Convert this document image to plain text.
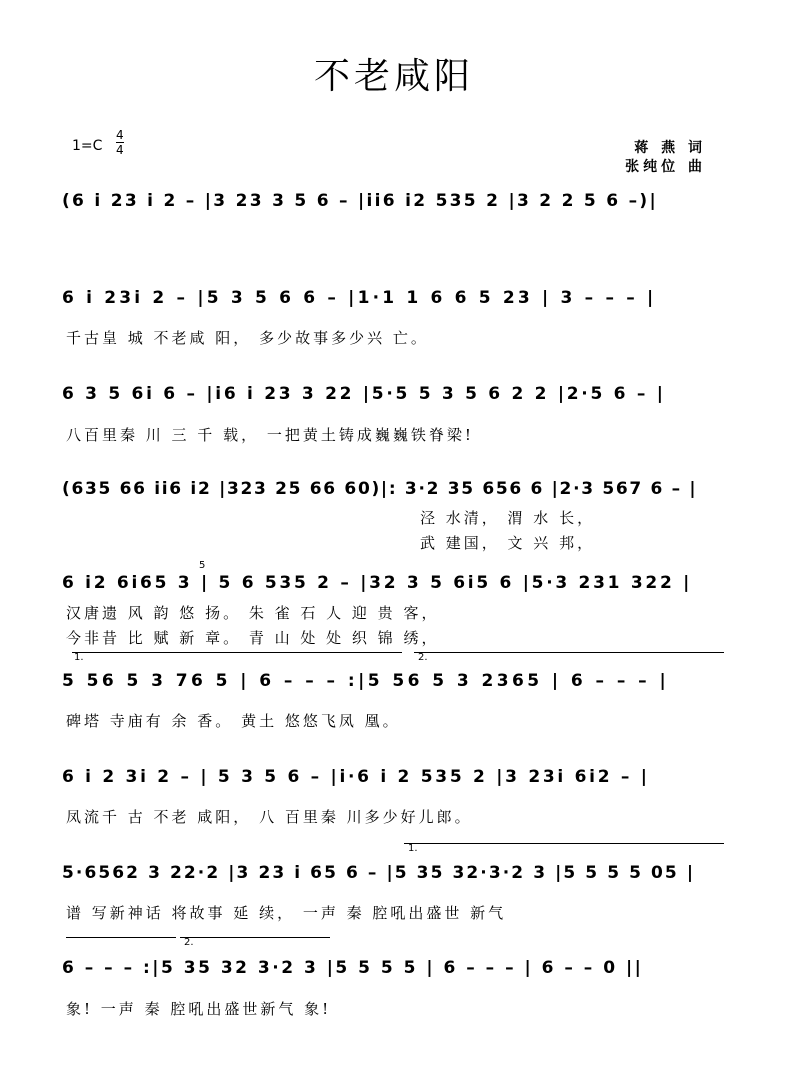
不老咸阳
$1=C \frac{4}{4}$	蒋 燕 词
张纯位 曲
(6 i 23 i 2 – |3 23 3 5 6 – |ii6 i2 535 2 |3 2 2 5 6 –)|
6 i 23i 2 – |5 3 5 6 6 – |1·1 1 6 6 5 23 | 3 – – – |
千古皇 城 不老咸 阳， 多少故事多少兴 亡。
6 3 5 6i 6 – |i6 i 23 3 22 |5·5 5 3 5 6 2 2 |2·5 6 – |
八百里秦 川 三 千 载， 一把黄土铸成巍巍铁脊梁!
(635 66 ii6 i2 |323 25 66 60)|: 3·2 35 656 6 |2·3 567 6 – |
泾 水清， 渭 水 长，
武 建国， 文 兴 邦，
5
6 i2 6i65 3 | 5 6 535 2 – |32 3 5 6i5 6 |5·3 231 322 |
汉唐遗 风 韵 悠 扬。 朱 雀 石 人 迎 贵 客，
今非昔 比 赋 新 章。 青 山 处 处 织 锦 绣，
1.	2.
5 56 5 3 76 5 | 6 – – – :|5 56 5 3 2365 | 6 – – – |
碑塔 寺庙有 余 香。 黄土 悠悠飞凤 凰。
6 i 2 3i 2 – | 5 3 5 6 – |i·6 i 2 535 2 |3 23i 6i2 – |
凤流千 古 不老 咸阳， 八 百里秦 川多少好儿郎。
1.
5·6562 3 22·2 |3 23 i 65 6 – |5 35 32·3·2 3 |5 5 5 5 05 |
谱 写新神话 将故事 延 续， 一声 秦 腔吼出盛世 新气
2.
6 – – – :|5 35 32 3·2 3 |5 5 5 5 | 6 – – – | 6 – – 0 ||
象! 一声 秦 腔吼出盛世新气 象!
